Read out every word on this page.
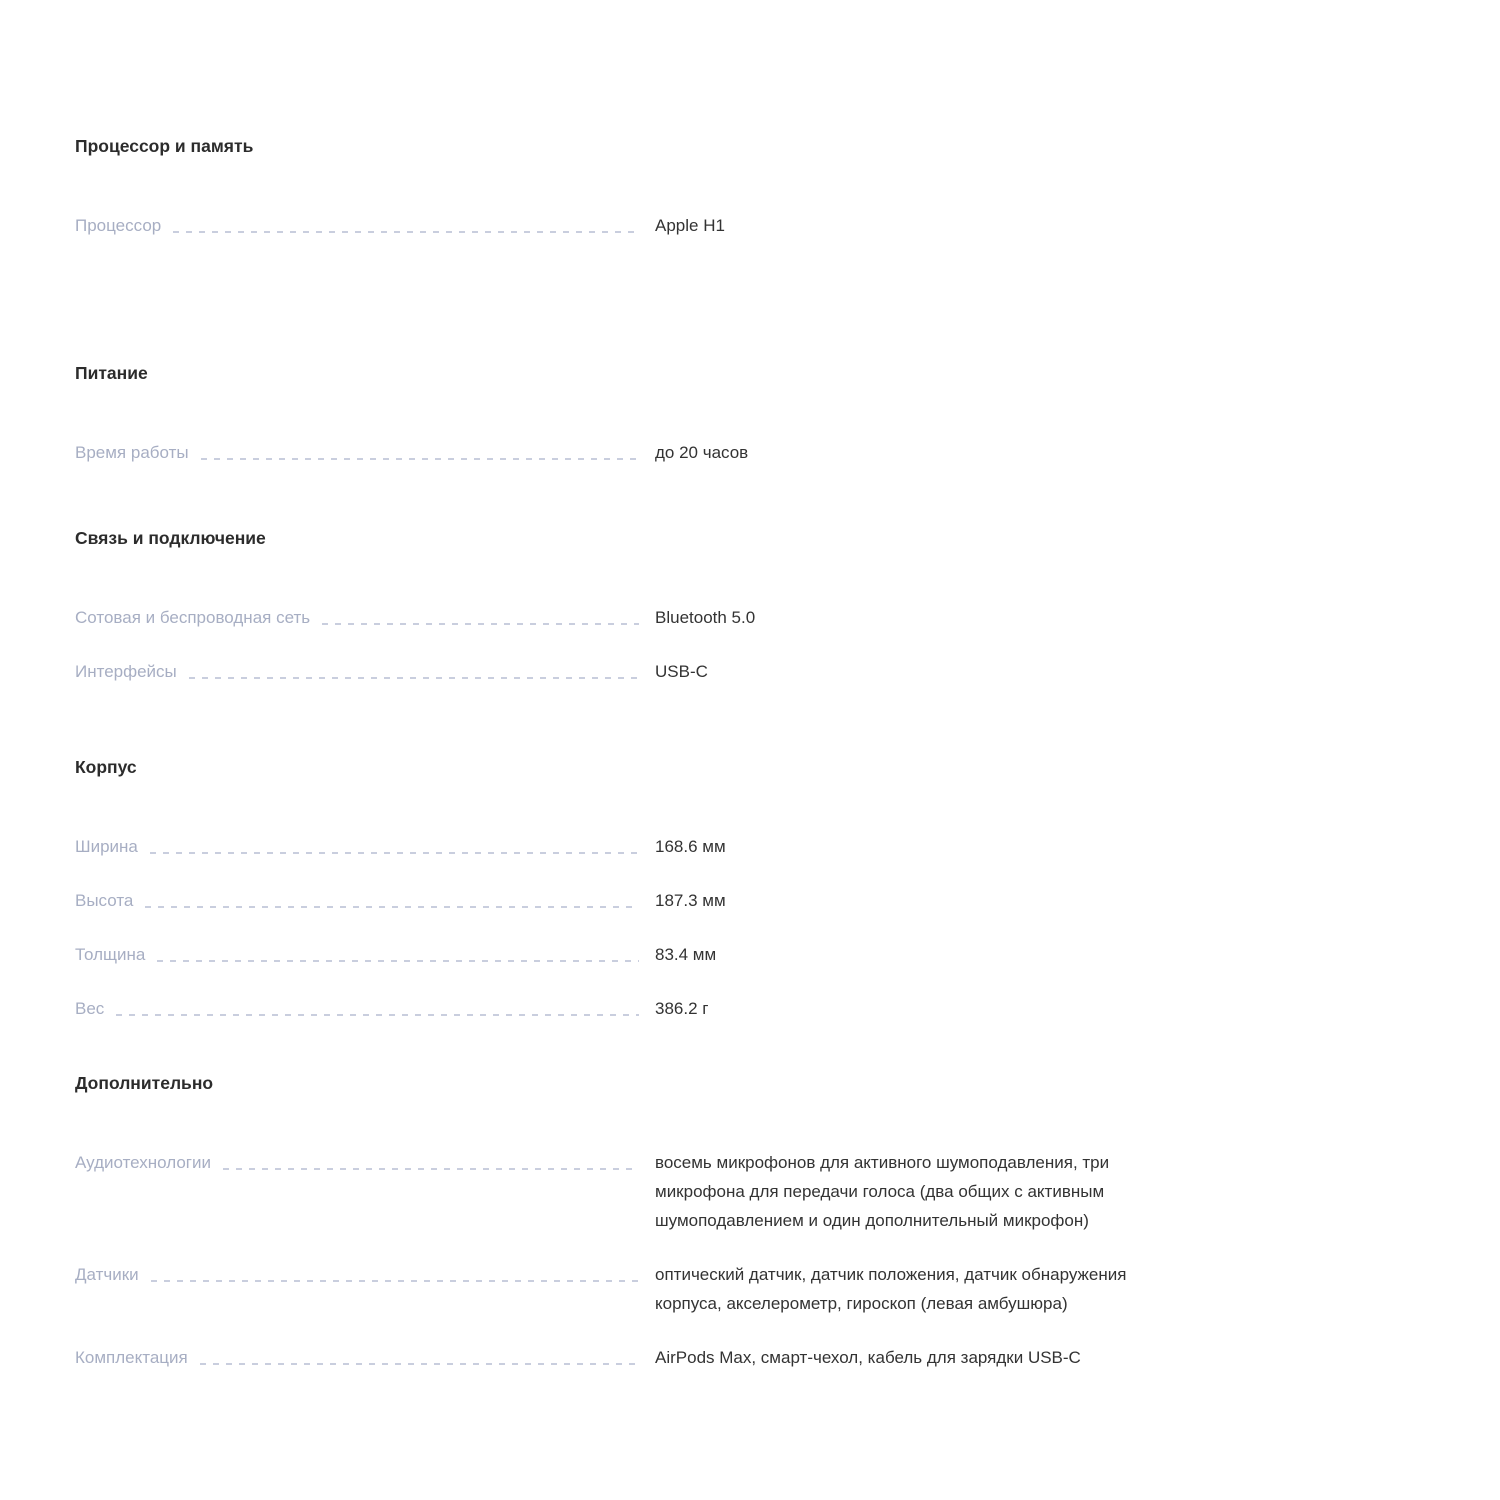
Процессор и память
Процессор	Apple H1
Питание
Время работы	до 20 часов
Связь и подключение
Сотовая и беспроводная сеть	Bluetooth 5.0
Интерфейсы	USB-C
Корпус
Ширина	168.6 мм
Высота	187.3 мм
Толщина	83.4 мм
Вес	386.2 г
Дополнительно
Аудиотехнологии	восемь микрофонов для активного шумоподавления, три микрофона для передачи голоса (два общих с активным шумоподавлением и один дополнительный микрофон)
Датчики	оптический датчик, датчик положения, датчик обнаружения корпуса, акселерометр, гироскоп (левая амбушюра)
Комплектация	AirPods Max, смарт-чехол, кабель для зарядки USB-C
